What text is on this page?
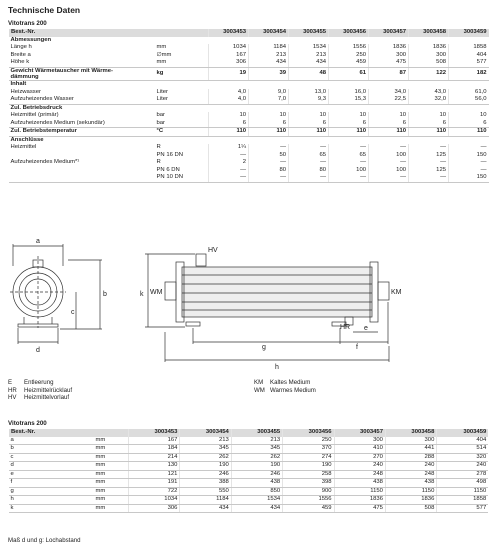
Technische Daten
Vitotrans 200
Best.-Nr.		3003453	3003454	3003455	3003456	3003457	3003458	3003459
Abmessungen								
Länge h	mm	1034	1184	1534	1556	1836	1836	1858
Breite a	∅mm	167	213	213	250	300	300	404
Höhe k	mm	306	434	434	459	475	508	577

Gewicht Wärmetauscher mit Wärme-
dämmung	kg	19	39	48	61	87	122	182
Inhalt								
Heizwasser	Liter	4,0	9,0	13,0	16,0	34,0	43,0	61,0
Aufzuheizendes Wasser	Liter	4,0	7,0	9,3	15,3	22,5	32,0	56,0
Zul. Betriebsdruck								
Heizmittel (primär)	bar	10	10	10	10	10	10	10
Aufzuheizendes Medium (sekundär)	bar	6	6	6	6	6	6	6
Zul. Betriebstemperatur	°C	110	110	110	110	110	110	110
Anschlüsse								
Heizmittel	R	1¼	—	—	—	—	—	—
	PN 16 DN	—	50	65	65	100	125	150
Aufzuheizendes Medium*¹	R	2	—	—	—	—	—	—
	PN 6 DN	—	80	80	100	100	125	—
	PN 10 DN	—	—	—	—	—	—	150
a
b
c
d
e
f
g
h
k
HV
HR
WM	KM
E Entleerung
HR Heizmittelrücklauf
HV Heizmittelvorlauf
KM Kaltes Medium
WM Warmes Medium
Vitotrans 200
Best.-Nr.		3003453	3003454	3003455	3003456	3003457	3003458	3003459
a	mm	167	213	213	250	300	300	404
b	mm	184	345	345	370	410	441	514
c	mm	214	262	262	274	270	288	320
d	mm	130	190	190	190	240	240	240
e	mm	121	246	246	258	248	248	278
f	mm	191	388	438	398	438	438	498
g	mm	722	550	850	900	1150	1150	1150
h	mm	1034	1184	1534	1556	1836	1836	1858
k	mm	306	434	434	459	475	508	577
Maß d und g: Lochabstand
